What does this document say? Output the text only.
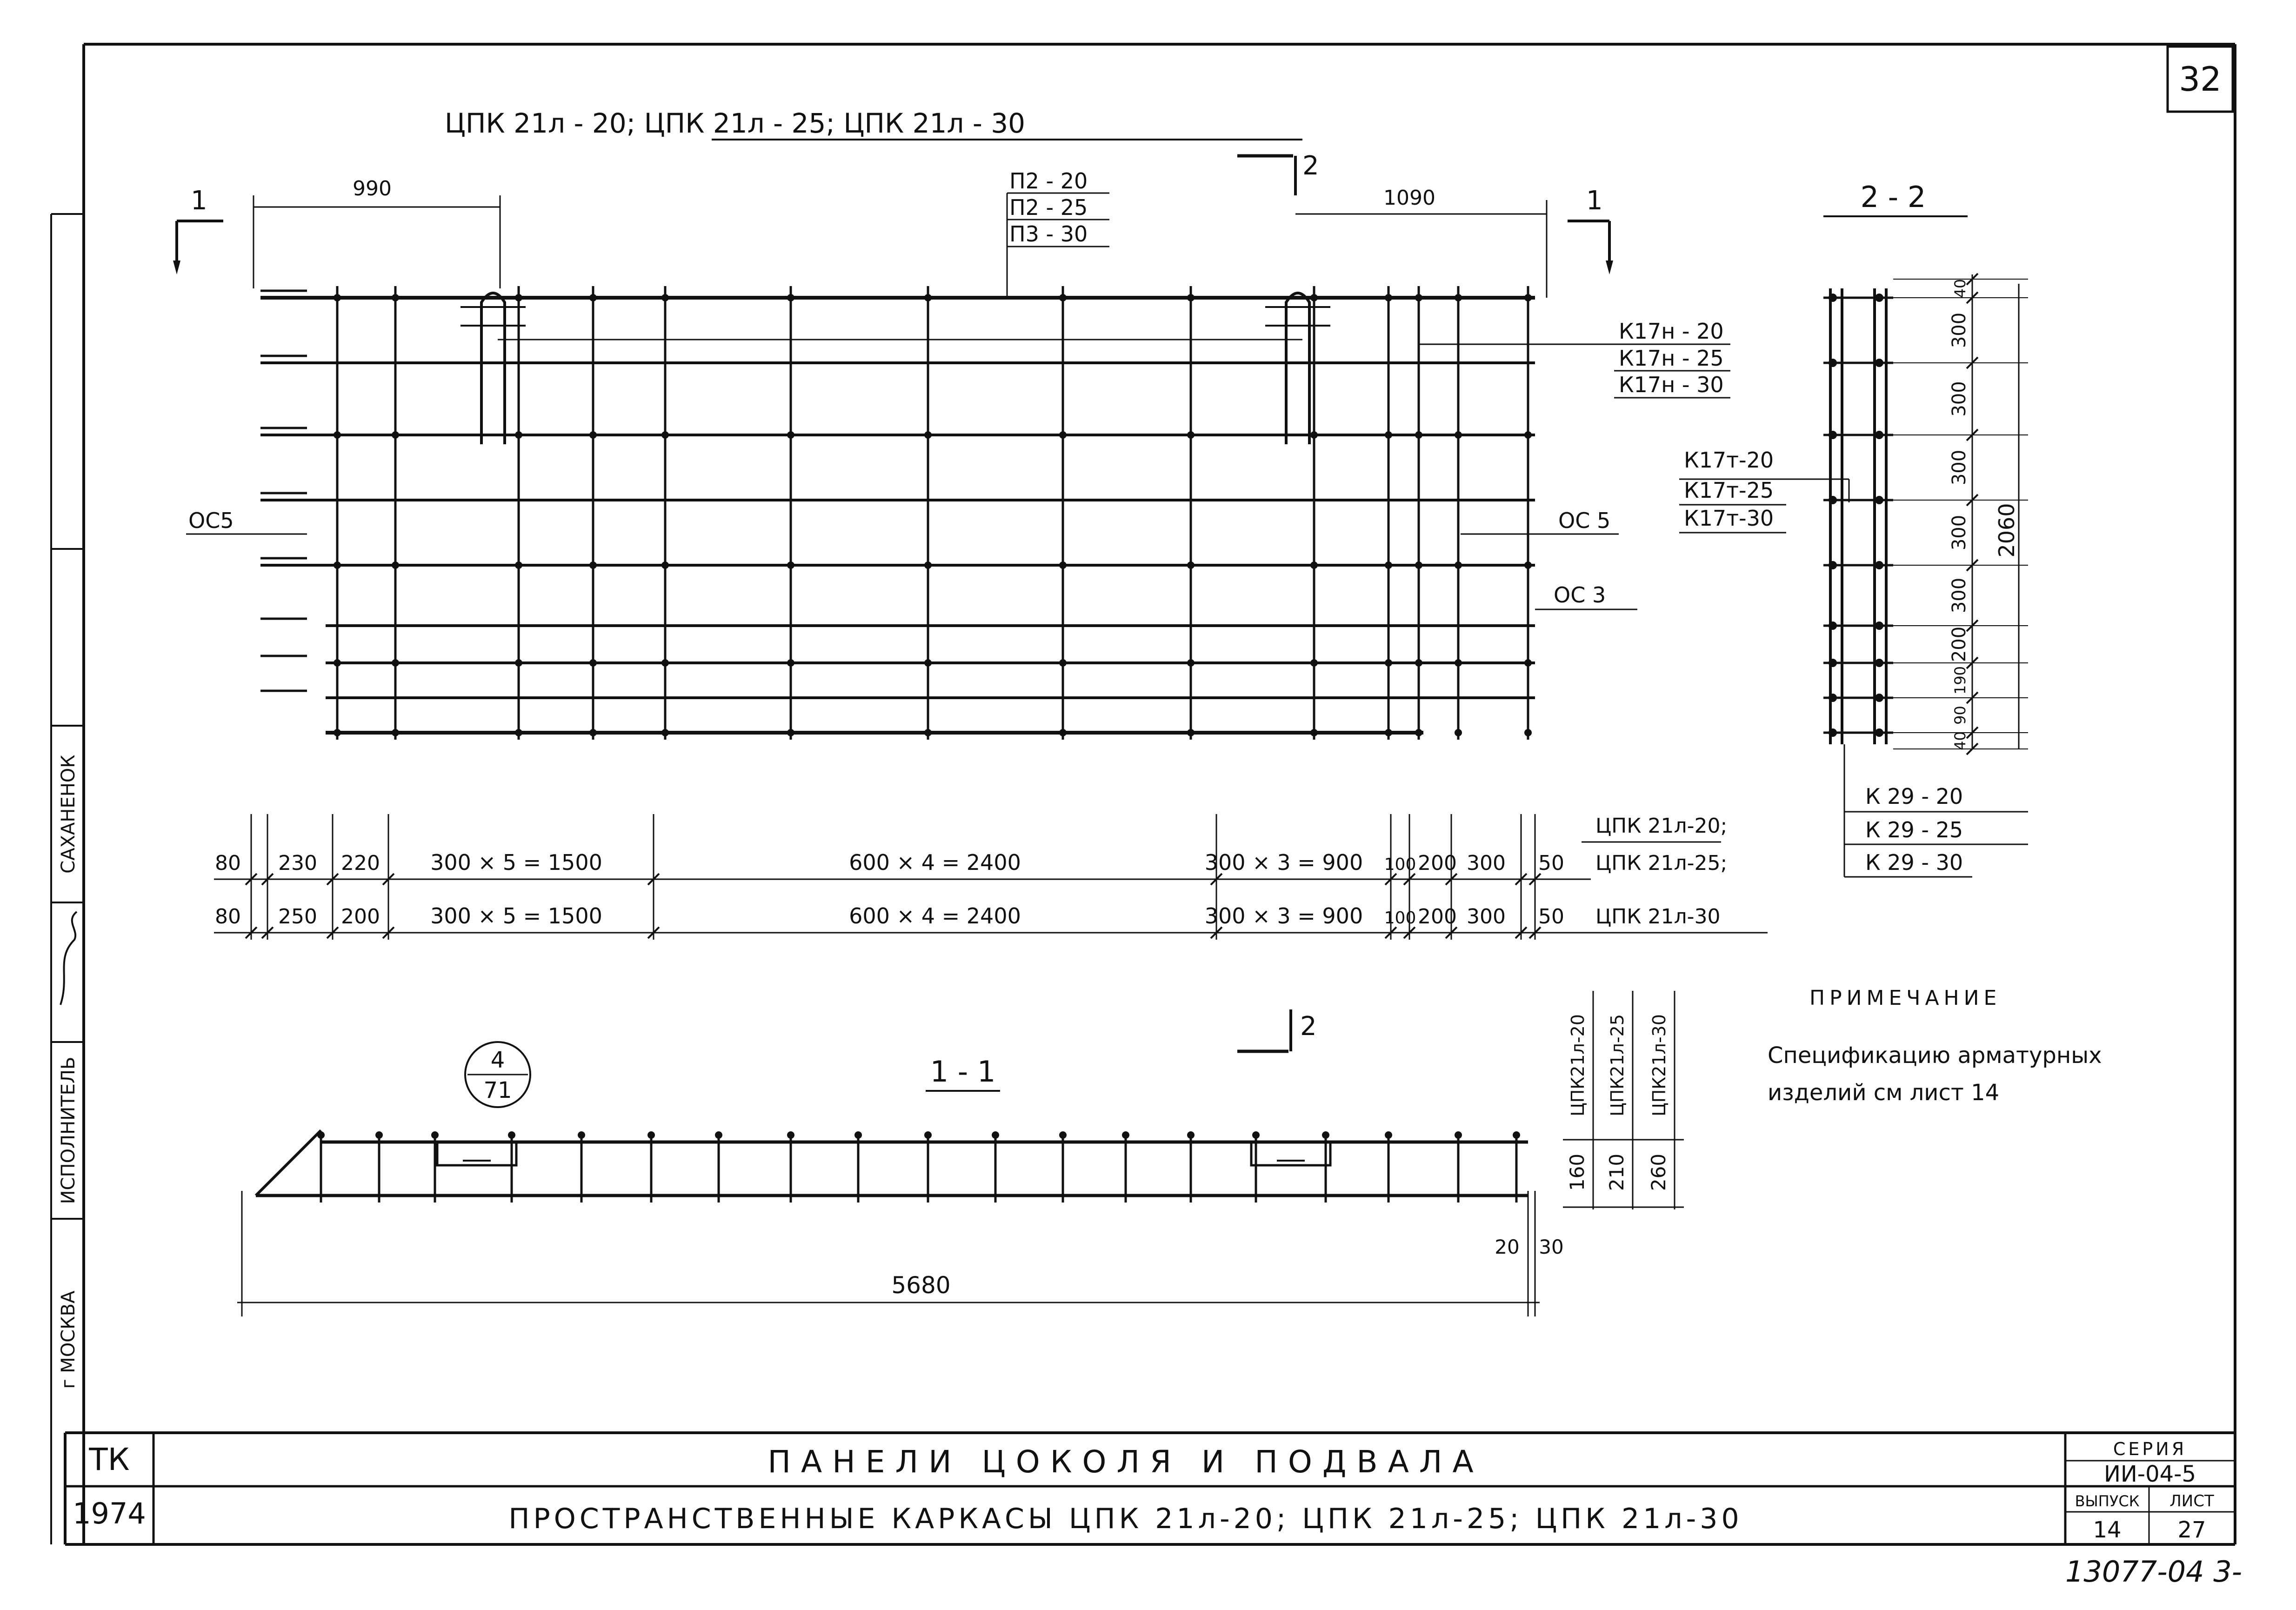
32
г МОСКВА
ИСПОЛНИТЕЛЬ
САХАНЕНОК
ЦПК 21л - 20; ЦПК 21л - 25; ЦПК 21л - 30
1	1
2
990	1090
П2 - 20
П2 - 25
П3 - 30
К17н - 20
К17н - 25
К17н - 30
ОС5	ОС 5
ОС 3
80 230 220 300 × 5 = 1500	600 × 4 = 2400	300 × 3 = 900 100 200 300 50
ЦПК 21л-20;
ЦПК 21л-25;
80 250 200 300 × 5 = 1500	600 × 4 = 2400	300 × 3 = 900 100 200 300 50 ЦПК 21л-30
2 - 2
40
300
300
300
300
300
200
190
90
40
2060
К17т-20
К17т-25
К17т-30
К 29 - 20
К 29 - 25
К 29 - 30
ПРИМЕЧАНИЕ
Спецификацию арматурных
изделий см лист 14
2
1 - 1
4
71
5680
20 30
160 210 260
ЦПК21л-20 ЦПК21л-25 ЦПК21л-30
ТК
1974
ПАНЕЛИ ЦОКОЛЯ И ПОДВАЛА
ПРОСТРАНСТВЕННЫЕ КАРКАСЫ ЦПК 21л-20; ЦПК 21л-25; ЦПК 21л-30
СЕРИЯ
ИИ-04-5
ВЫПУСК
14
ЛИСТ
27
13077-04 3-
